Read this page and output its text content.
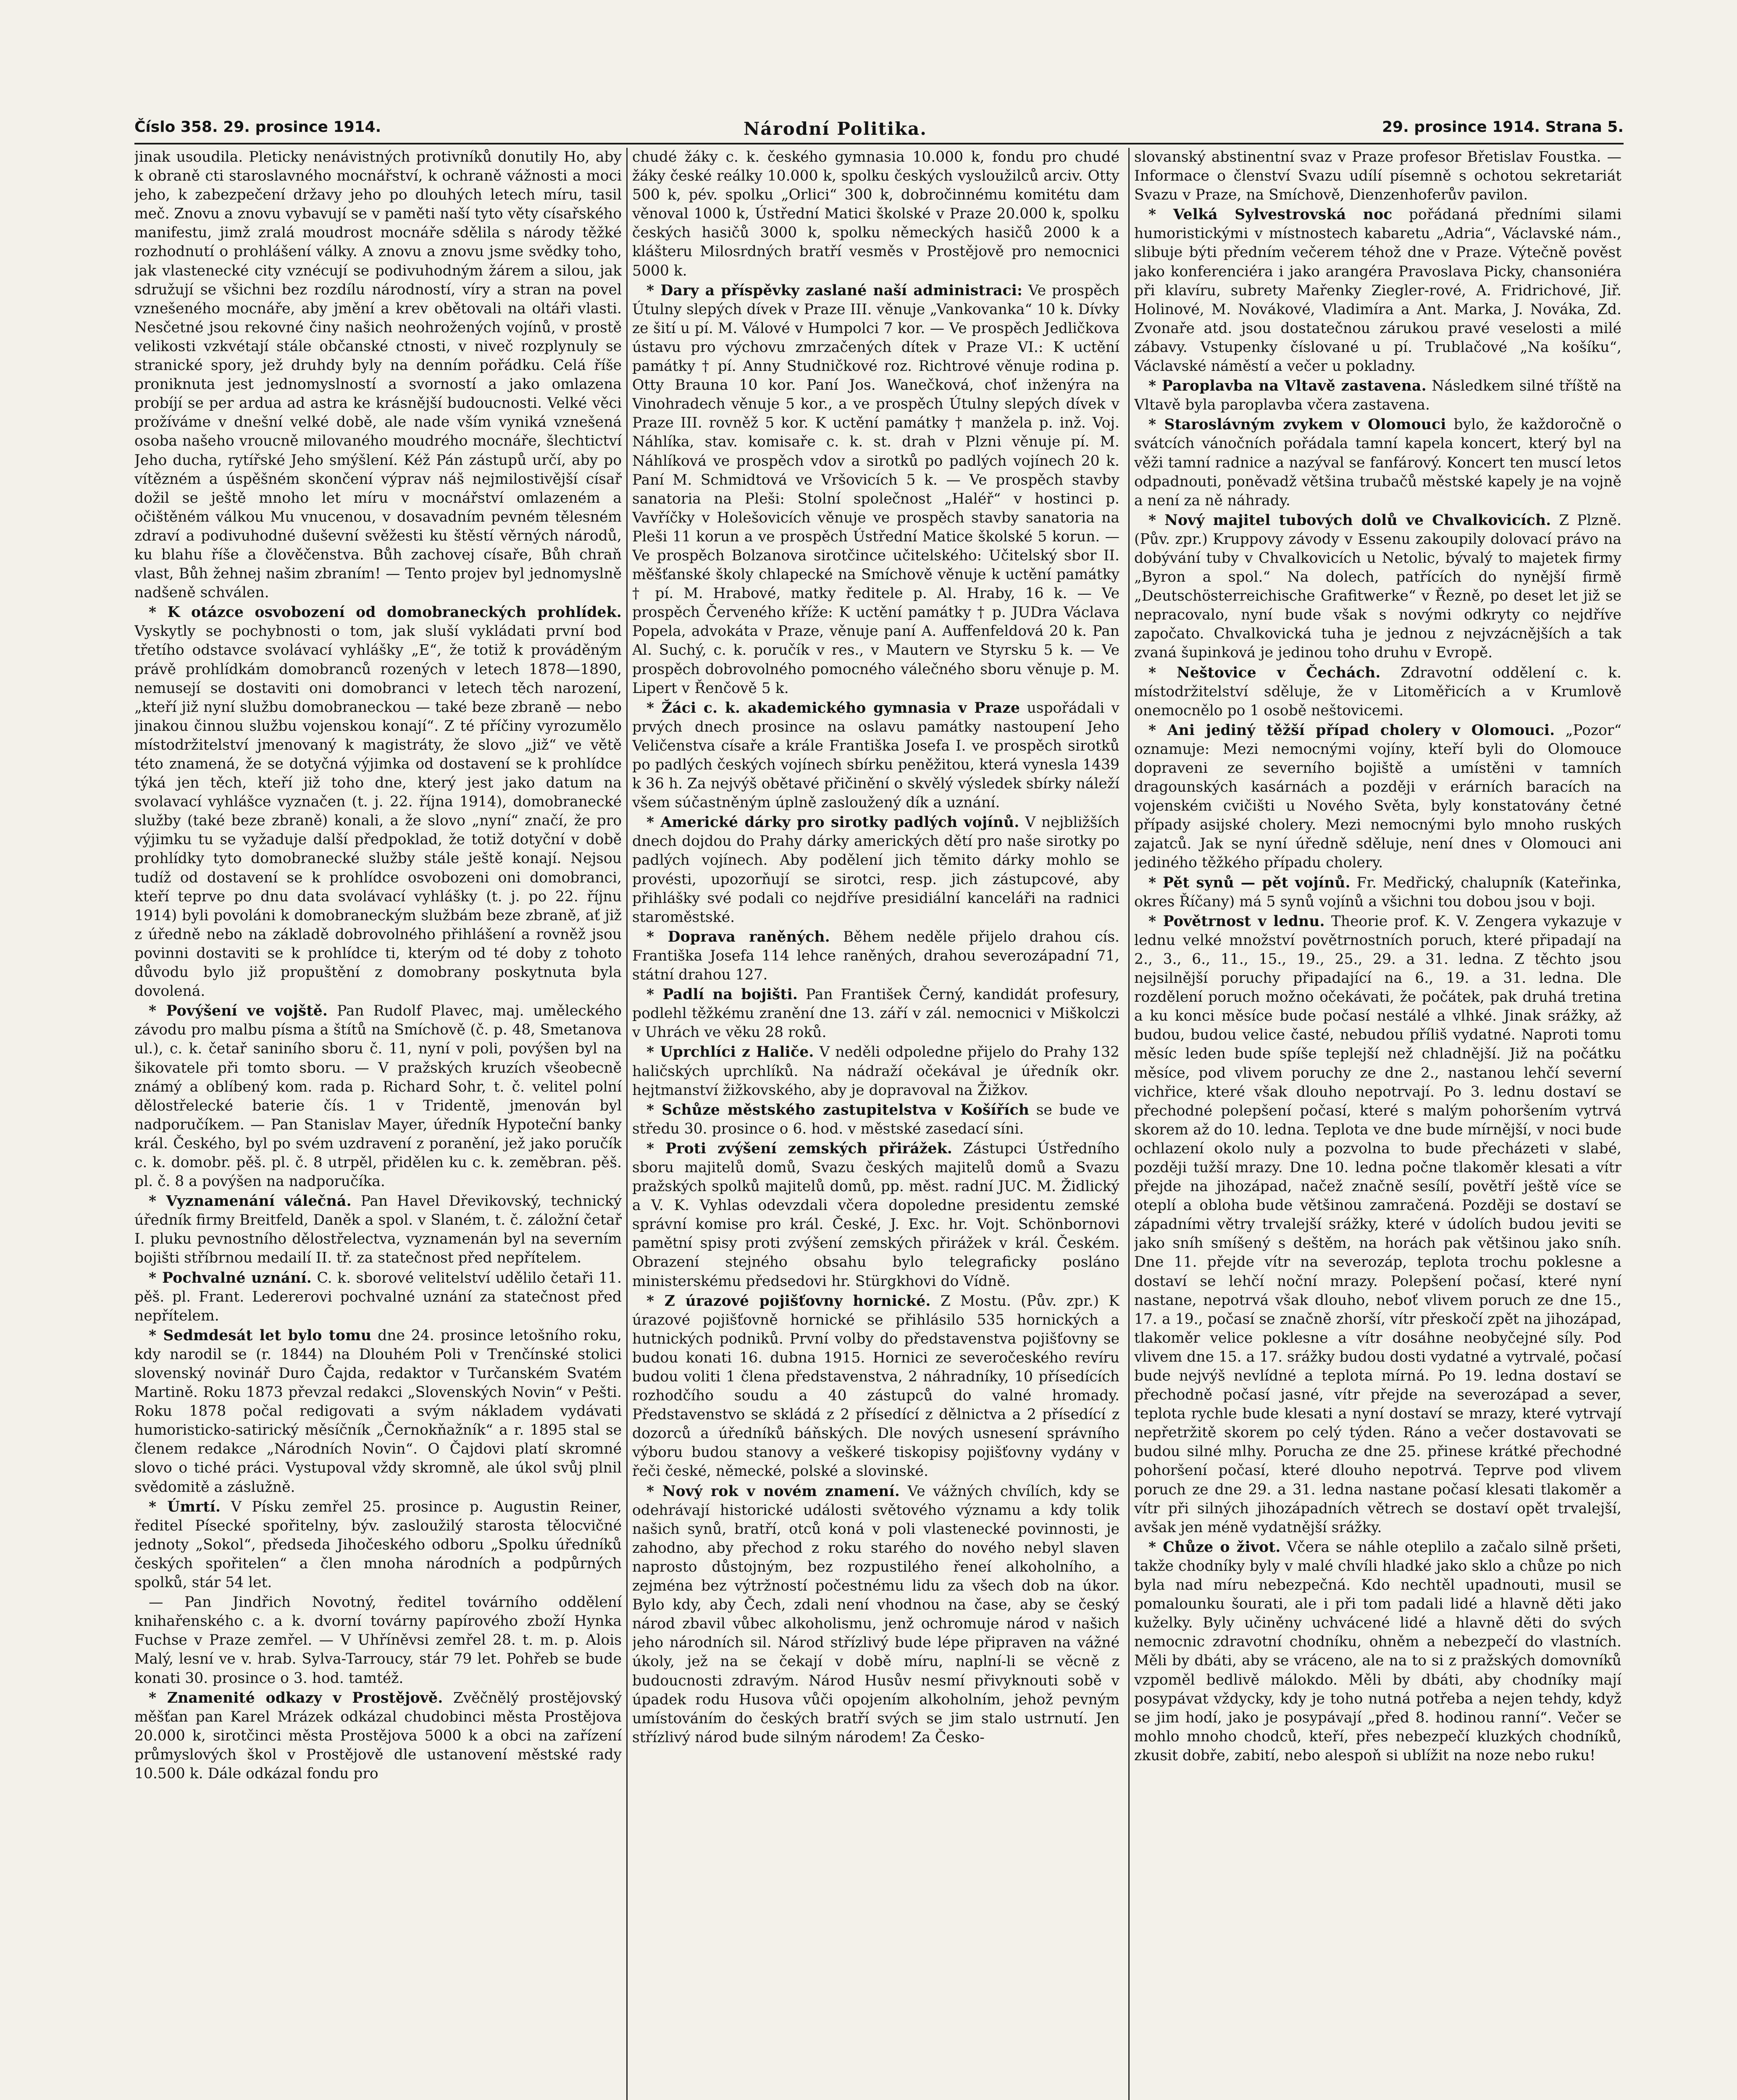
Číslo 358. 29. prosince 1914.	Národní Politika.	29. prosince 1914. Strana 5.

jinak usoudila. Pleticky nenávistných protivníků donutily Ho, aby k obraně cti staroslavného mocnářství, k ochraně vážnosti a moci jeho, k zabezpečení državy jeho po dlouhých letech míru, tasil meč. Znovu a znovu vybavují se v paměti naší tyto věty císařského manifestu, jimž zralá moudrost mocnáře sdělila s národy těžké rozhodnutí o prohlášení války. A znovu a znovu jsme svědky toho, jak vlastenecké city vznécují se podivuhodným žárem a silou, jak sdružují se všichni bez rozdílu národností, víry a stran na povel vznešeného mocnáře, aby jmění a krev obětovali na oltáři vlasti. Nesčetné jsou rekovné činy našich neohrožených vojínů, v prostě velikosti vzkvétají stále občanské ctnosti, v niveč rozplynuly se stranické spory, jež druhdy byly na denním pořádku. Celá říše proniknuta jest jednomyslností a svorností a jako omlazena probíjí se per ardua ad astra ke krásnější budoucnosti. Velké věci prožíváme v dnešní velké době, ale nade vším vyniká vznešená osoba našeho vroucně milovaného moudrého mocnáře, šlechtictví Jeho ducha, rytířské Jeho smýšlení. Kéž Pán zástupů určí, aby po vítězném a úspěšném skončení výprav náš nejmilostivější císař dožil se ještě mnoho let míru v mocnářství omlazeném a očištěném válkou Mu vnucenou, v dosavadním pevném tělesném zdraví a podivuhodné duševní svěžesti ku štěstí věrných národů, ku blahu říše a člověčenstva. Bůh zachovej císaře, Bůh chraň vlast, Bůh žehnej našim zbraním! — Tento projev byl jednomyslně nadšeně schválen.

* K otázce osvobození od domobraneckých prohlídek. Vyskytly se pochybnosti o tom, jak sluší vykládati první bod třetího odstavce svolávací vyhlášky „E“, že totiž k prováděným právě prohlídkám domobranců rozených v letech 1878—1890, nemusejí se dostaviti oni domobranci v letech těch narození, „kteří již nyní službu domobraneckou — také beze zbraně — nebo jinakou činnou službu vojenskou konají“. Z té příčiny vyrozumělo místodržitelství jmenovaný k magistráty, že slovo „již“ ve větě této znamená, že se dotyčná výjimka od dostavení se k prohlídce týká jen těch, kteří již toho dne, který jest jako datum na svolavací vyhlášce vyznačen (t. j. 22. října 1914), domobranecké služby (také beze zbraně) konali, a že slovo „nyní“ značí, že pro výjimku tu se vyžaduje další předpoklad, že totiž dotyční v době prohlídky tyto domobranecké služby stále ještě konají. Nejsou tudíž od dostavení se k prohlídce osvobozeni oni domobranci, kteří teprve po dnu data svolávací vyhlášky (t. j. po 22. říjnu 1914) byli povoláni k domobraneckým službám beze zbraně, ať již z úředně nebo na základě dobrovolného přihlášení a rovněž jsou povinni dostaviti se k prohlídce ti, kterým od té doby z tohoto důvodu bylo již propuštění z domobrany poskytnuta byla dovolená.

* Povýšení ve vojště. Pan Rudolf Plavec, maj. uměleckého závodu pro malbu písma a štítů na Smíchově (č. p. 48, Smetanova ul.), c. k. četař saniního sboru č. 11, nyní v poli, povýšen byl na šikovatele při tomto sboru. — V pražských kruzích všeobecně známý a oblíbený kom. rada p. Richard Sohr, t. č. velitel polní dělostřelecké baterie čís. 1 v Tridentě, jmenován byl nadporučíkem. — Pan Stanislav Mayer, úředník Hypoteční banky král. Českého, byl po svém uzdravení z poranění, jež jako poručík c. k. domobr. pěš. pl. č. 8 utrpěl, přidělen ku c. k. zeměbran. pěš. pl. č. 8 a povýšen na nadporučíka.

* Vyznamenání válečná. Pan Havel Dřevikovský, technický úředník firmy Breitfeld, Daněk a spol. v Slaném, t. č. záložní četař I. pluku pevnostního dělostřelectva, vyznamenán byl na severním bojišti stříbrnou medailí II. tř. za statečnost před nepřítelem.

* Pochvalné uznání. C. k. sborové velitelství udělilo četaři 11. pěš. pl. Frant. Ledererovi pochvalné uznání za statečnost před nepřítelem.

* Sedmdesát let bylo tomu dne 24. prosince letošního roku, kdy narodil se (r. 1844) na Dlouhém Poli v Trenčínské stolici slovenský novinář Duro Čajda, redaktor v Turčanském Svatém Martině. Roku 1873 převzal redakci „Slovenských Novin“ v Pešti. Roku 1878 počal redigovati a svým nákladem vydávati humoristicko-satirický měsíčník „Černokňažník“ a r. 1895 stal se členem redakce „Národních Novin“. O Čajdovi platí skromné slovo o tiché práci. Vystupoval vždy skromně, ale úkol svůj plnil svědomitě a záslužně.

* Úmrtí. V Písku zemřel 25. prosince p. Augustin Reiner, ředitel Písecké spořitelny, býv. zasloužilý starosta tělocvičné jednoty „Sokol“, předseda Jihočeského odboru „Spolku úředníků českých spořitelen“ a člen mnoha národních a podpůrných spolků, stár 54 let.

— Pan Jindřich Novotný, ředitel továrního oddělení knihařenského c. a k. dvorní továrny papírového zboží Hynka Fuchse v Praze zemřel. — V Uhříněvsi zemřel 28. t. m. p. Alois Malý, lesní ve v. hrab. Sylva-Tarroucy, stár 79 let. Pohřeb se bude konati 30. prosince o 3. hod. tamtéž.

* Znamenité odkazy v Prostějově. Zvěčnělý prostějovský měšťan pan Karel Mrázek odkázal chudobinci města Prostějova 20.000 k, sirotčinci města Prostějova 5000 k a obci na zařízení průmyslových škol v Prostějově dle ustanovení městské rady 10.500 k. Dále odkázal fondu pro

chudé žáky c. k. českého gymnasia 10.000 k, fondu pro chudé žáky české reálky 10.000 k, spolku českých vysloužilců arciv. Otty 500 k, pév. spolku „Orlici“ 300 k, dobročinnému komitétu dam věnoval 1000 k, Ústřední Matici školské v Praze 20.000 k, spolku českých hasičů 3000 k, spolku německých hasičů 2000 k a klášteru Milosrdných bratří vesměs v Prostějově pro nemocnici 5000 k.

* Dary a příspěvky zaslané naší administraci: Ve prospěch Útulny slepých dívek v Praze III. věnuje „Vankovanka“ 10 k. Dívky ze šití u pí. M. Válové v Humpolci 7 kor. — Ve prospěch Jedličkova ústavu pro výchovu zmrzačených dítek v Praze VI.: K uctění památky † pí. Anny Studničkové roz. Richtrové věnuje rodina p. Otty Brauna 10 kor. Paní Jos. Wanečková, choť inženýra na Vinohradech věnuje 5 kor., a ve prospěch Útulny slepých dívek v Praze III. rovněž 5 kor. K uctění památky † manžela p. inž. Voj. Náhlíka, stav. komisaře c. k. st. drah v Plzni věnuje pí. M. Náhlíková ve prospěch vdov a sirotků po padlých vojínech 20 k. Paní M. Schmidtová ve Vršovicích 5 k. — Ve prospěch stavby sanatoria na Pleši: Stolní společnost „Haléř“ v hostinci p. Vavříčky v Holešovicích věnuje ve prospěch stavby sanatoria na Pleši 11 korun a ve prospěch Ústřední Matice školské 5 korun. — Ve prospěch Bolzanova sirotčince učitelského: Učitelský sbor II. měšťanské školy chlapecké na Smíchově věnuje k uctění památky † pí. M. Hrabové, matky ředitele p. Al. Hraby, 16 k. — Ve prospěch Červeného kříže: K uctění památky † p. JUDra Václava Popela, advokáta v Praze, věnuje paní A. Auffenfeldová 20 k. Pan Al. Suchý, c. k. poručík v res., v Mautern ve Styrsku 5 k. — Ve prospěch dobrovolného pomocného válečného sboru věnuje p. M. Lipert v Řenčově 5 k.

* Žáci c. k. akademického gymnasia v Praze uspořádali v prvých dnech prosince na oslavu památky nastoupení Jeho Veličenstva císaře a krále Františka Josefa I. ve prospěch sirotků po padlých českých vojínech sbírku peněžitou, která vynesla 1439 k 36 h. Za nejvýš obětavé přičinění o skvělý výsledek sbírky náleží všem súčastněným úplně zasloužený dík a uznání.

* Americké dárky pro sirotky padlých vojínů. V nejbližších dnech dojdou do Prahy dárky amerických dětí pro naše sirotky po padlých vojínech. Aby podělení jich těmito dárky mohlo se provésti, upozorňují se sirotci, resp. jich zástupcové, aby přihlášky své podali co nejdříve presidiální kanceláři na radnici staroměstské.

* Doprava raněných. Během neděle přijelo drahou cís. Františka Josefa 114 lehce raněných, drahou severozápadní 71, státní drahou 127.

* Padlí na bojišti. Pan František Černý, kandidát profesury, podlehl těžkému zranění dne 13. září v zál. nemocnici v Miškolczi v Uhrách ve věku 28 roků.

* Uprchlíci z Haliče. V neděli odpoledne přijelo do Prahy 132 haličských uprchlíků. Na nádraží očekával je úředník okr. hejtmanství žižkovského, aby je dopravoval na Žižkov.

* Schůze městského zastupitelstva v Košířích se bude ve středu 30. prosince o 6. hod. v městské zasedací síni.

* Proti zvýšení zemských přirážek. Zástupci Ústředního sboru majitelů domů, Svazu českých majitelů domů a Svazu pražských spolků majitelů domů, pp. měst. radní JUC. M. Židlický a V. K. Vyhlas odevzdali včera dopoledne presidentu zemské správní komise pro král. České, J. Exc. hr. Vojt. Schönbornovi pamětní spisy proti zvýšení zemských přirážek v král. Českém. Obrazení stejného obsahu bylo telegraficky posláno ministerskému předsedovi hr. Stürgkhovi do Vídně.

* Z úrazové pojišťovny hornické. Z Mostu. (Pův. zpr.) K úrazové pojišťovně hornické se přihlásilo 535 hornických a hutnických podniků. První volby do představenstva pojišťovny se budou konati 16. dubna 1915. Hornici ze severočeského revíru budou voliti 1 člena představenstva, 2 náhradníky, 10 přísedících rozhodčího soudu a 40 zástupců do valné hromady. Představenstvo se skládá z 2 přísedící z dělnictva a 2 přísedící z dozorců a úředníků báňských. Dle nových usnesení správního výboru budou stanovy a veškeré tiskopisy pojišťovny vydány v řeči české, německé, polské a slovinské.

* Nový rok v novém znamení. Ve vážných chvílích, kdy se odehrávají historické události světového významu a kdy tolik našich synů, bratří, otců koná v poli vlastenecké povinnosti, je zahodno, aby přechod z roku starého do nového nebyl slaven naprosto důstojným, bez rozpustilého řeneí alkoholního, a zejména bez výtržností počestnému lidu za všech dob na úkor. Bylo kdy, aby Čech, zdali není vhodnou na čase, aby se český národ zbavil vůbec alkoholismu, jenž ochromuje národ v našich jeho národních sil. Národ střízlivý bude lépe připraven na vážné úkoly, jež na se čekají v době míru, naplní-li se věcně z budoucnosti zdravým. Národ Husův nesmí přivyknouti sobě v úpadek rodu Husova vůči opojením alkoholním, jehož pevným umístováním do českých bratří svých se jim stalo ustrnutí. Jen střízlivý národ bude silným národem! Za Česko-

slovanský abstinentní svaz v Praze profesor Břetislav Foustka. — Informace o členství Svazu udílí písemně s ochotou sekretariát Svazu v Praze, na Smíchově, Dienzenhoferův pavilon.

* Velká Sylvestrovská noc pořádaná předními silami humoristickými v místnostech kabaretu „Adria“, Václavské nám., slibuje býti předním večerem téhož dne v Praze. Výtečně pověst jako konferenciéra i jako arangéra Pravoslava Picky, chansoniéra při klavíru, subrety Mařenky Ziegler-rové, A. Fridrichové, Jiř. Holinové, M. Novákové, Vladimíra a Ant. Marka, J. Nováka, Zd. Zvonaře atd. jsou dostatečnou zárukou pravé veselosti a milé zábavy. Vstupenky číslované u pí. Trublačové „Na košíku“, Václavské náměstí a večer u pokladny.

* Paroplavba na Vltavě zastavena. Následkem silné tříště na Vltavě byla paroplavba včera zastavena.

* Staroslávným zvykem v Olomouci bylo, že každoročně o svátcích vánočních pořádala tamní kapela koncert, který byl na věži tamní radnice a nazýval se fanfárový. Koncert ten muscí letos odpadnouti, poněvadž většina trubačů městské kapely je na vojně a není za ně náhrady.

* Nový majitel tubových dolů ve Chvalkovicích. Z Plzně. (Pův. zpr.) Kruppovy závody v Essenu zakoupily dolovací právo na dobývání tuby v Chvalkovicích u Netolic, bývalý to majetek firmy „Byron a spol.“ Na dolech, patřících do nynější firmě „Deutschösterreichische Grafitwerke“ v Řezně, po deset let již se nepracovalo, nyní bude však s novými odkryty co nejdříve započato. Chvalkovická tuha je jednou z nejvzácnějších a tak zvaná šupinková je jedinou toho druhu v Evropě.

* Neštovice v Čechách. Zdravotní oddělení c. k. místodržitelství sděluje, že v Litoměřicích a v Krumlově onemocnělo po 1 osobě neštovicemi.

* Ani jediný těžší případ cholery v Olomouci. „Pozor“ oznamuje: Mezi nemocnými vojíny, kteří byli do Olomouce dopraveni ze severního bojiště a umístěni v tamních dragounských kasárnách a později v erárních baracích na vojenském cvičišti u Nového Světa, byly konstatovány četné případy asijské cholery. Mezi nemocnými bylo mnoho ruských zajatců. Jak se nyní úředně sděluje, není dnes v Olomouci ani jediného těžkého případu cholery.

* Pět synů — pět vojínů. Fr. Medřický, chalupník (Kateřinka, okres Říčany) má 5 synů vojínů a všichni tou dobou jsou v boji.

* Povětrnost v lednu. Theorie prof. K. V. Zengera vykazuje v lednu velké množství povětrnostních poruch, které připadají na 2., 3., 6., 11., 15., 19., 25., 29. a 31. ledna. Z těchto jsou nejsilnější poruchy připadající na 6., 19. a 31. ledna. Dle rozdělení poruch možno očekávati, že počátek, pak druhá tretina a ku konci měsíce bude počasí nestálé a vlhké. Jinak srážky, až budou, budou velice časté, nebudou příliš vydatné. Naproti tomu měsíc leden bude spíše teplejší než chladnější. Již na počátku měsíce, pod vlivem poruchy ze dne 2., nastanou lehčí severní vichřice, které však dlouho nepotrvají. Po 3. lednu dostaví se přechodné polepšení počasí, které s malým pohoršením vytrvá skorem až do 10. ledna. Teplota ve dne bude mírnější, v noci bude ochlazení okolo nuly a pozvolna to bude přecházeti v slabé, později tužší mrazy. Dne 10. ledna počne tlakoměr klesati a vítr přejde na jihozápad, načež značně sesílí, povětří ještě více se oteplí a obloha bude většinou zamračená. Později se dostaví se západními větry trvalejší srážky, které v údolích budou jeviti se jako sníh smíšený s deštěm, na horách pak většinou jako sníh. Dne 11. přejde vítr na severozáp, teplota trochu poklesne a dostaví se lehčí noční mrazy. Polepšení počasí, které nyní nastane, nepotrvá však dlouho, neboť vlivem poruch ze dne 15., 17. a 19., počasí se značně zhorší, vítr přeskočí zpět na jihozápad, tlakoměr velice poklesne a vítr dosáhne neobyčejné síly. Pod vlivem dne 15. a 17. srážky budou dosti vydatné a vytrvalé, počasí bude nejvýš nevlídné a teplota mírná. Po 19. ledna dostaví se přechodně počasí jasné, vítr přejde na severozápad a sever, teplota rychle bude klesati a nyní dostaví se mrazy, které vytrvají nepřetržitě skorem po celý týden. Ráno a večer dostavovati se budou silné mlhy. Porucha ze dne 25. přinese krátké přechodné pohoršení počasí, které dlouho nepotrvá. Teprve pod vlivem poruch ze dne 29. a 31. ledna nastane počasí klesati tlakoměr a vítr při silných jihozápadních větrech se dostaví opět trvalejší, avšak jen méně vydatnější srážky.

* Chůze o život. Včera se náhle oteplilo a začalo silně pršeti, takže chodníky byly v malé chvíli hladké jako sklo a chůze po nich byla nad míru nebezpečná. Kdo nechtěl upadnouti, musil se pomalounku šourati, ale i při tom padali lidé a hlavně děti jako kuželky. Byly učiněny uchvácené lidé a hlavně děti do svých nemocnic zdravotní chodníku, ohněm a nebezpečí do vlastních. Měli by dbáti, aby se vráceno, ale na to si z pražských domovníků vzpoměl bedlivě málokdo. Měli by dbáti, aby chodníky mají posypávat vždycky, kdy je toho nutná potřeba a nejen tehdy, když se jim hodí, jako je posypávají „před 8. hodinou ranní“. Večer se mohlo mnoho chodců, kteří, přes nebezpečí kluzkých chodníků, zkusit dobře, zabití, nebo alespoň si ublížit na noze nebo ruku!
